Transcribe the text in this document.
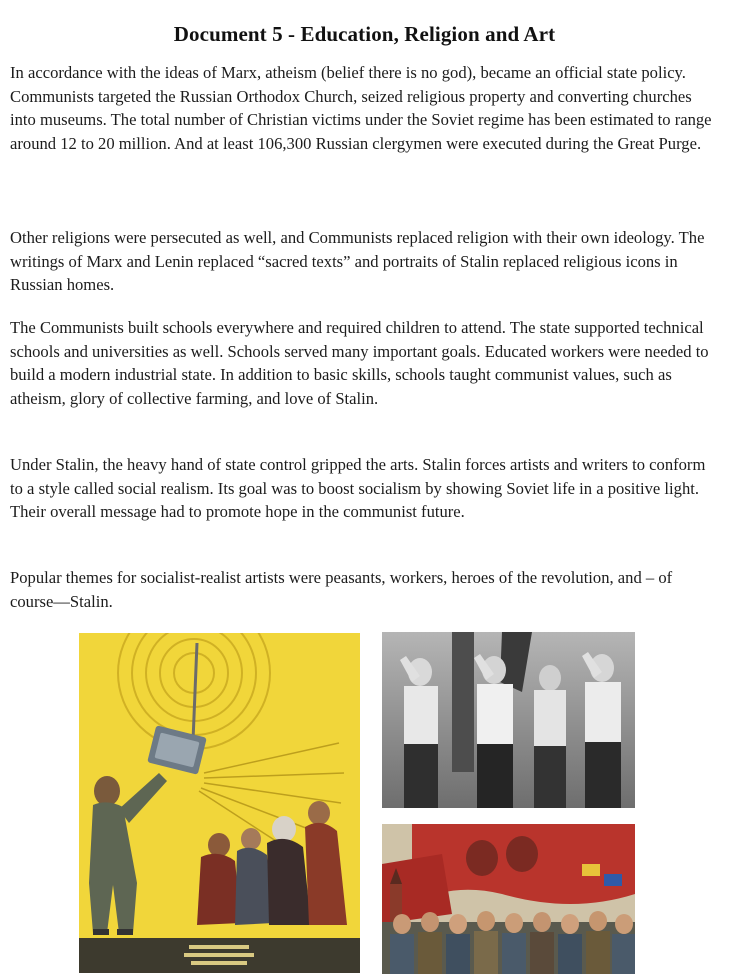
Document 5 - Education, Religion and Art
In accordance with the ideas of Marx, atheism (belief there is no god), became an official state policy. Communists targeted the Russian Orthodox Church, seized religious property and converting churches into museums. The total number of Christian victims under the Soviet regime has been estimated to range around 12 to 20 million. And at least 106,300 Russian clergymen were executed during the Great Purge.
Other religions were persecuted as well, and Communists replaced religion with their own ideology. The writings of Marx and Lenin replaced “sacred texts” and portraits of Stalin replaced religious icons in Russian homes.
The Communists built schools everywhere and required children to attend. The state supported technical schools and universities as well. Schools served many important goals. Educated workers were needed to build a modern industrial state. In addition to basic skills, schools taught communist values, such as atheism, glory of collective farming, and love of Stalin.
Under Stalin, the heavy hand of state control gripped the arts. Stalin forces artists and writers to conform to a style called social realism. Its goal was to boost socialism by showing Soviet life in a positive light. Their overall message had to promote hope in the communist future.
Popular themes for socialist-realist artists were peasants, workers, heroes of the revolution, and – of course—Stalin.
